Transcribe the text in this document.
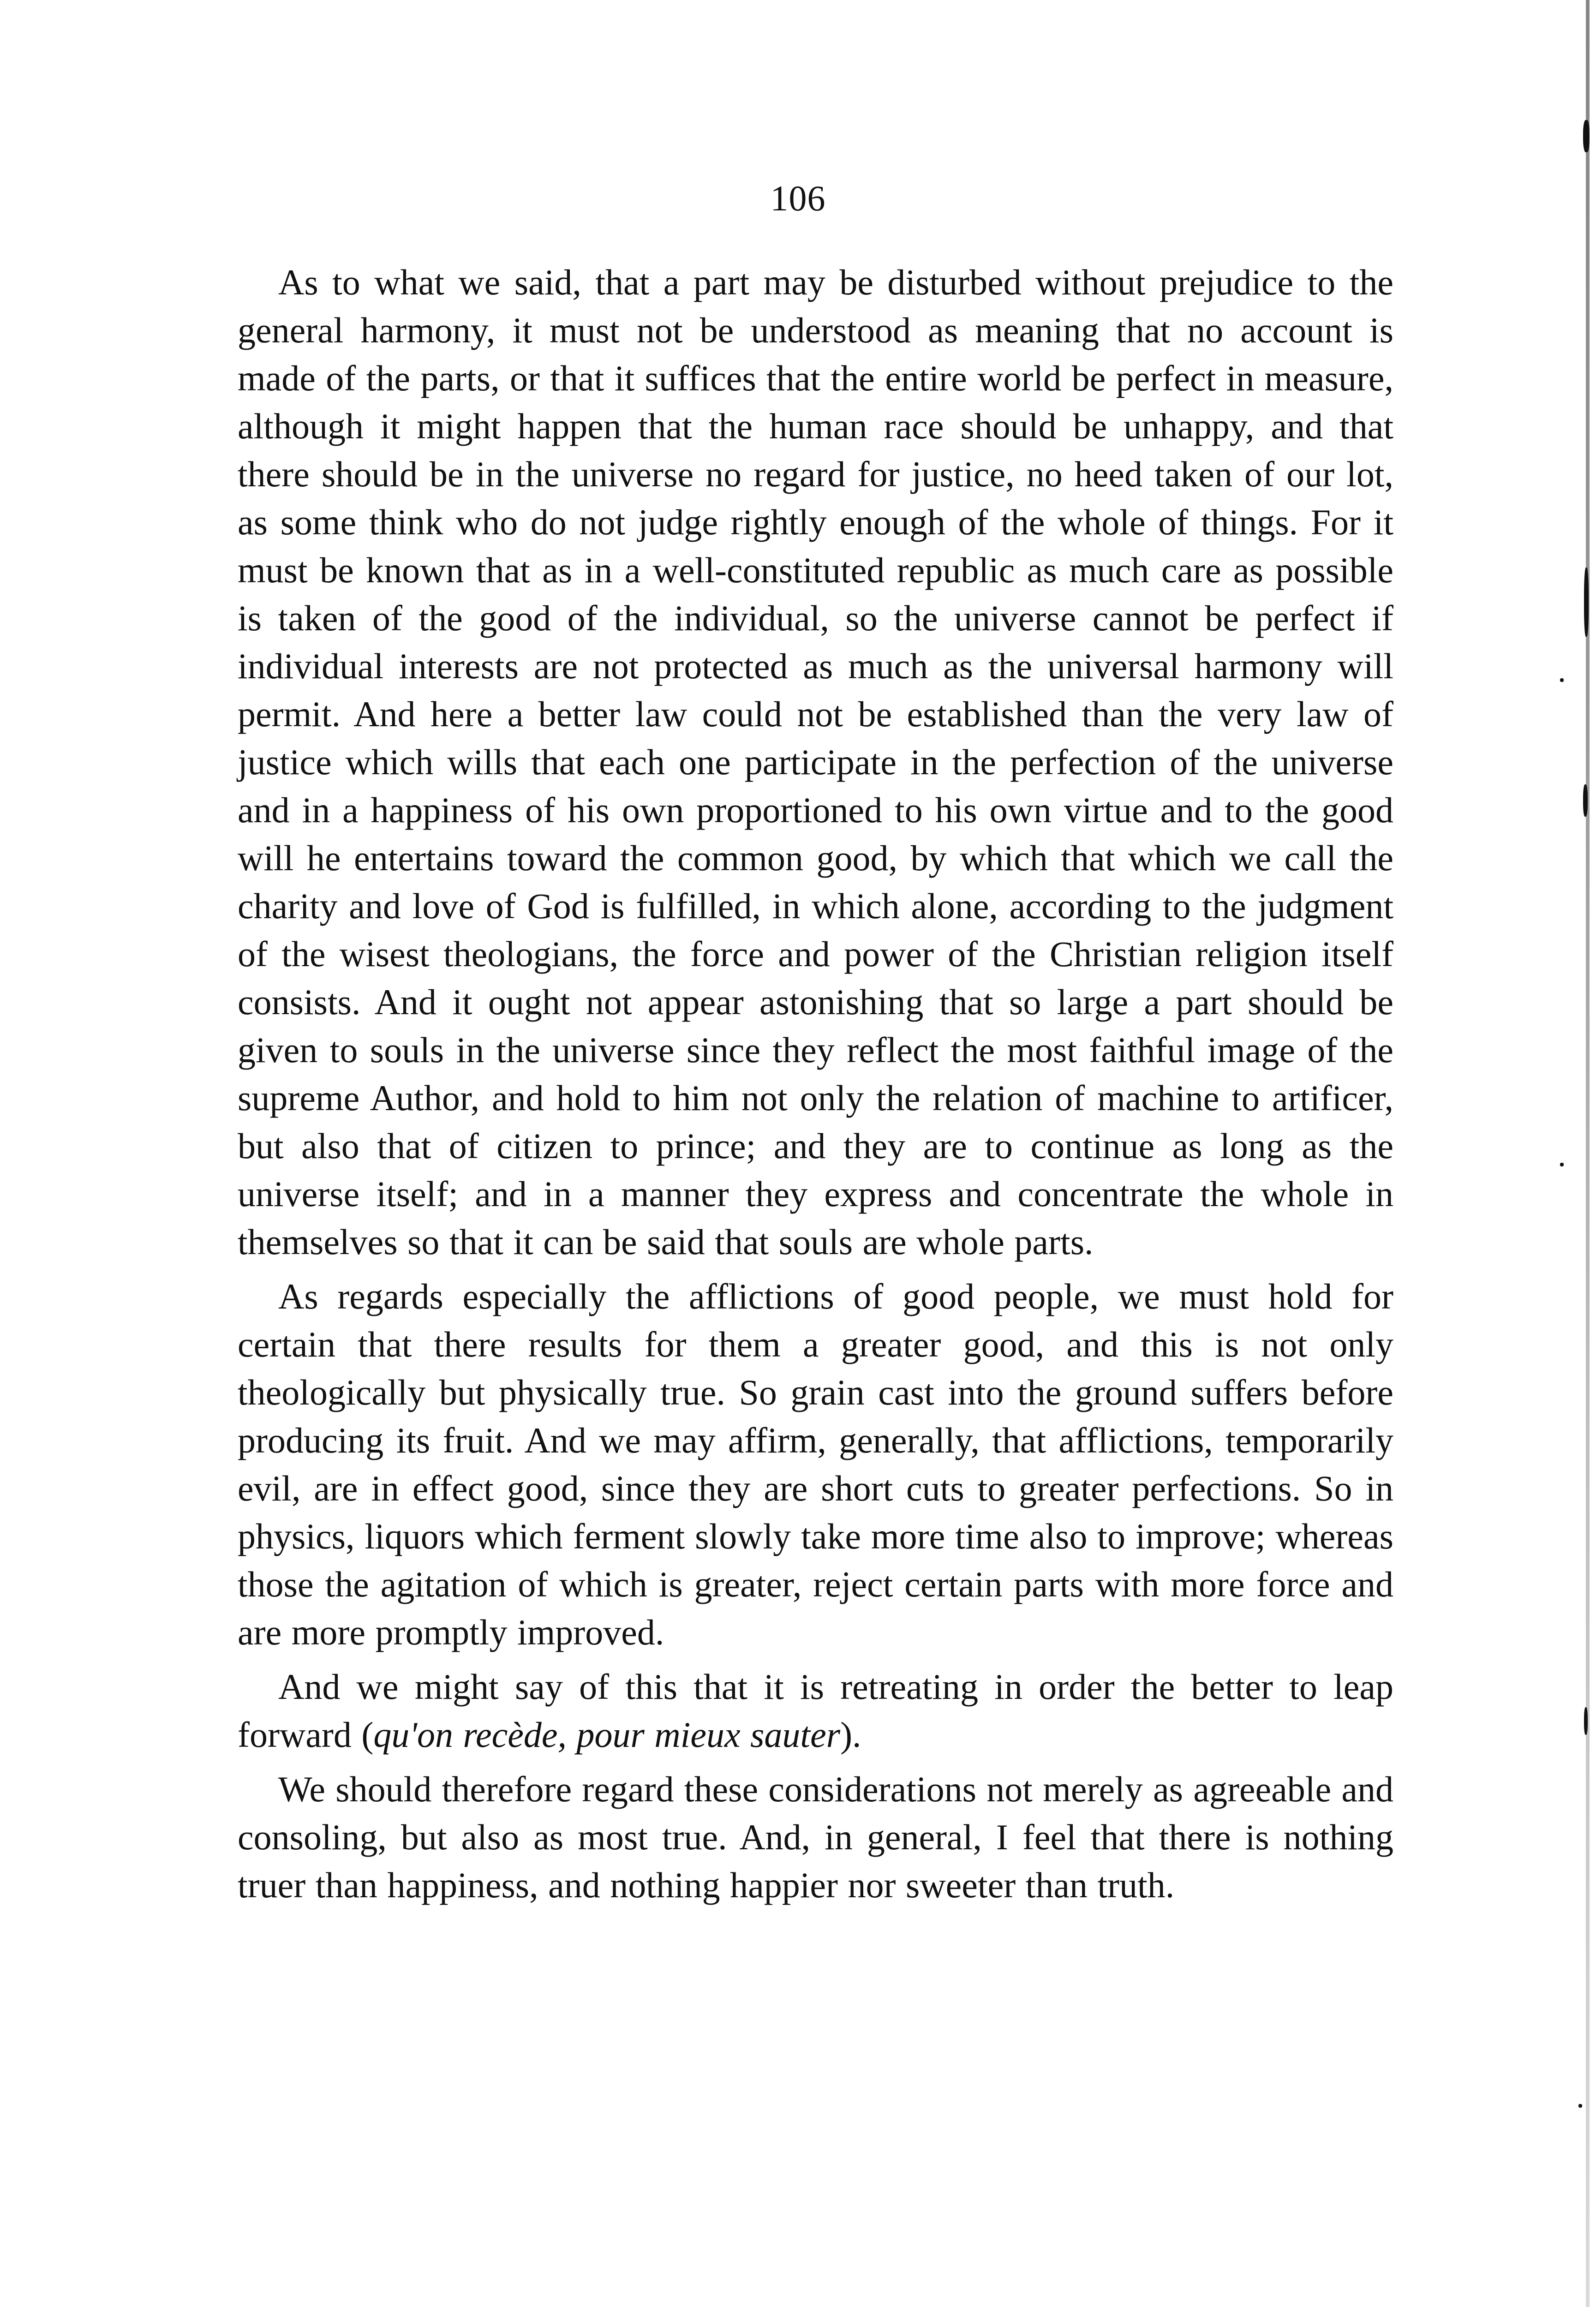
106

As to what we said, that a part may be disturbed without prejudice to the general harmony, it must not be understood as meaning that no account is made of the parts, or that it suffices that the entire world be perfect in measure, although it might happen that the human race should be unhappy, and that there should be in the universe no regard for justice, no heed taken of our lot, as some think who do not judge rightly enough of the whole of things. For it must be known that as in a well-constituted republic as much care as possible is taken of the good of the individual, so the universe cannot be perfect if individual interests are not protected as much as the universal harmony will permit. And here a better law could not be established than the very law of justice which wills that each one participate in the perfection of the universe and in a happiness of his own proportioned to his own virtue and to the good will he entertains toward the common good, by which that which we call the charity and love of God is fulfilled, in which alone, according to the judgment of the wisest theologians, the force and power of the Christian religion itself consists. And it ought not appear astonishing that so large a part should be given to souls in the universe since they reflect the most faithful image of the supreme Author, and hold to him not only the relation of machine to artificer, but also that of citizen to prince; and they are to continue as long as the universe itself; and in a manner they express and concentrate the whole in themselves so that it can be said that souls are whole parts.

As regards especially the afflictions of good people, we must hold for certain that there results for them a greater good, and this is not only theologically but physically true. So grain cast into the ground suffers before producing its fruit. And we may affirm, generally, that afflictions, temporarily evil, are in effect good, since they are short cuts to greater perfections. So in physics, liquors which ferment slowly take more time also to improve; whereas those the agitation of which is greater, reject certain parts with more force and are more promptly improved.

And we might say of this that it is retreating in order the better to leap forward (qu'on recède, pour mieux sauter).

We should therefore regard these considerations not merely as agreeable and consoling, but also as most true. And, in general, I feel that there is nothing truer than happiness, and nothing happier nor sweeter than truth.
